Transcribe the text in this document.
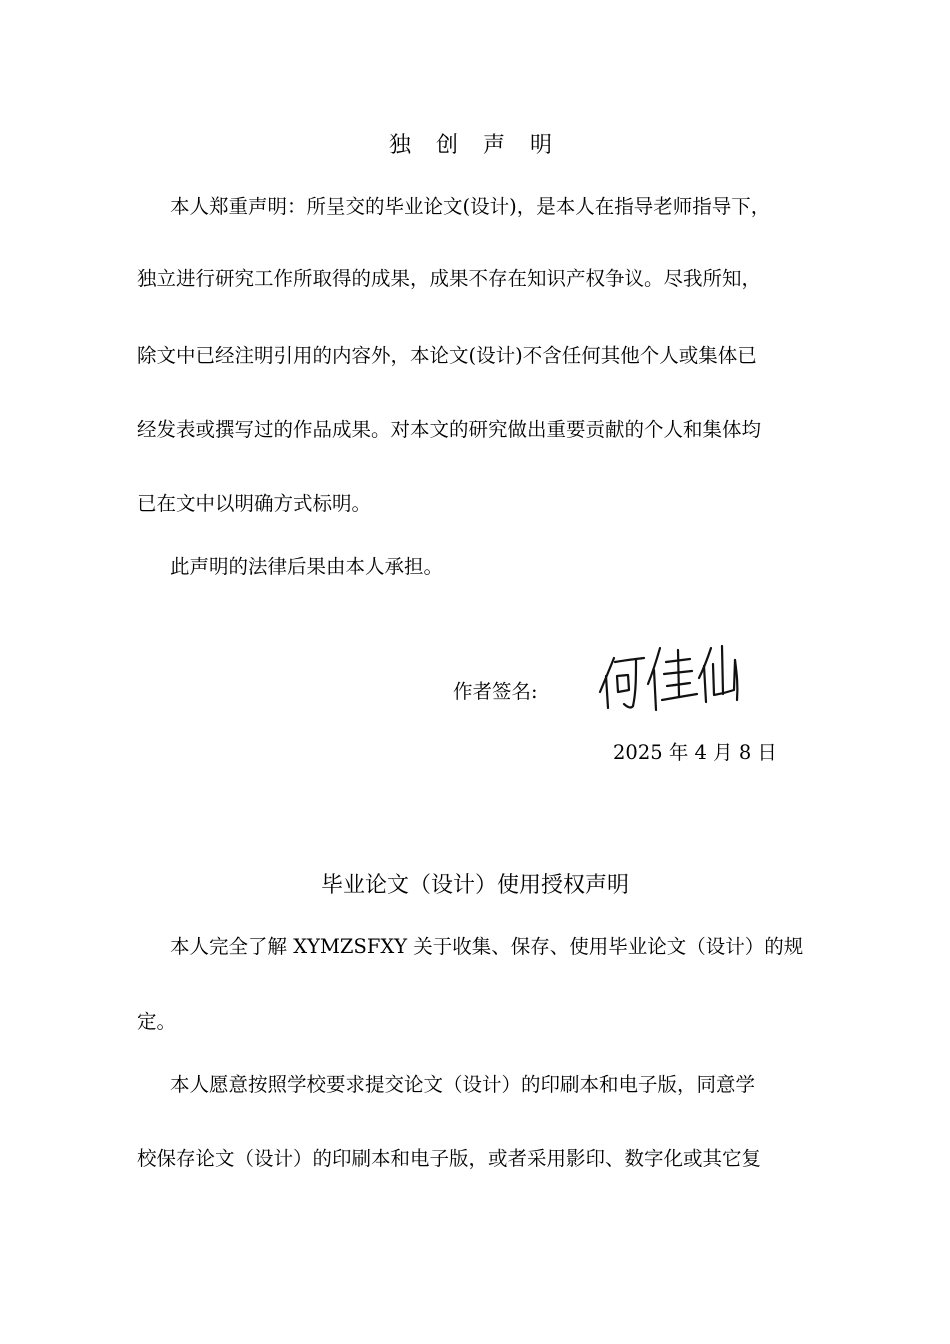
独 创 声 明

本人郑重声明：所呈交的毕业论文(设计)，是本人在指导老师指导下，

独立进行研究工作所取得的成果，成果不存在知识产权争议。尽我所知，

除文中已经注明引用的内容外，本论文(设计)不含任何其他个人或集体已

经发表或撰写过的作品成果。对本文的研究做出重要贡献的个人和集体均

已在文中以明确方式标明。

此声明的法律后果由本人承担。

作者签名:
2025 年 4 月 8 日
毕业论文（设计）使用授权声明

本人完全了解 XYMZSFXY 关于收集、保存、使用毕业论文（设计）的规

定。

本人愿意按照学校要求提交论文（设计）的印刷本和电子版，同意学

校保存论文（设计）的印刷本和电子版，或者采用影印、数字化或其它复
